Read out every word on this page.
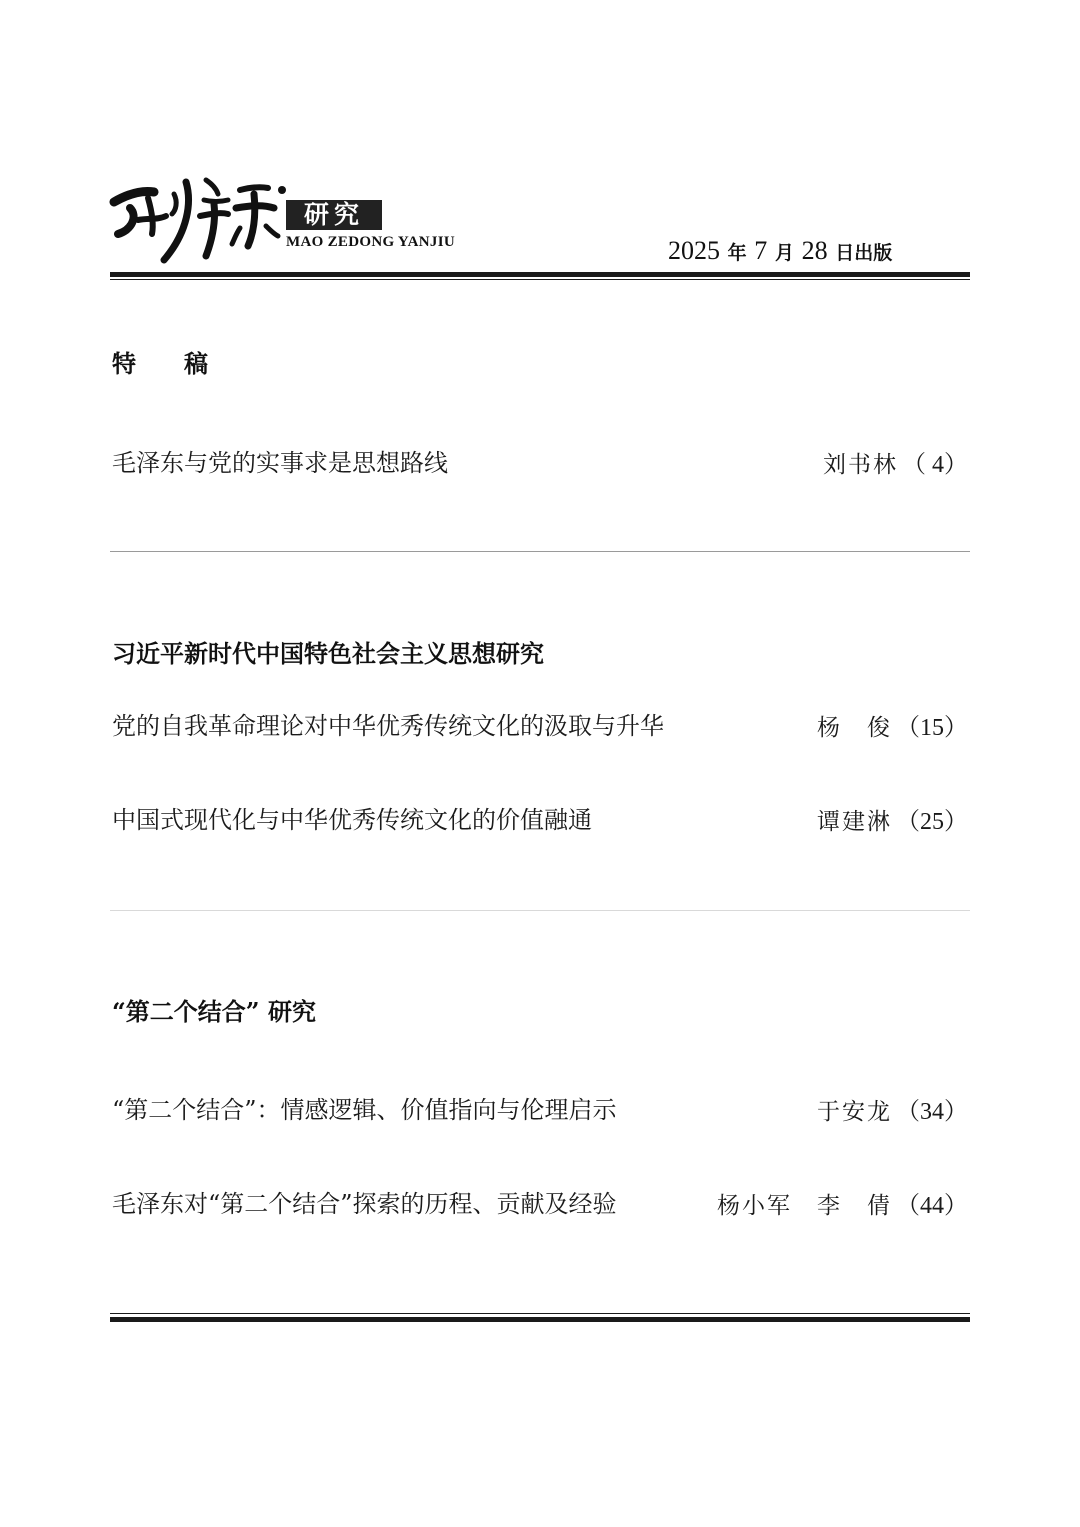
研究
MAO ZEDONG YANJIU	2025 年 7 月 28 日出版
特　　稿
毛泽东与党的实事求是思想路线	刘书林 （ 4）
习近平新时代中国特色社会主义思想研究
党的自我革命理论对中华优秀传统文化的汲取与升华	杨　俊 （15）
中国式现代化与中华优秀传统文化的价值融通	谭建淋 （25）
“第二个结合” 研究
“第二个结合”：情感逻辑、价值指向与伦理启示	于安龙 （34）
毛泽东对“第二个结合”探索的历程、贡献及经验	杨小军　李　倩 （44）
